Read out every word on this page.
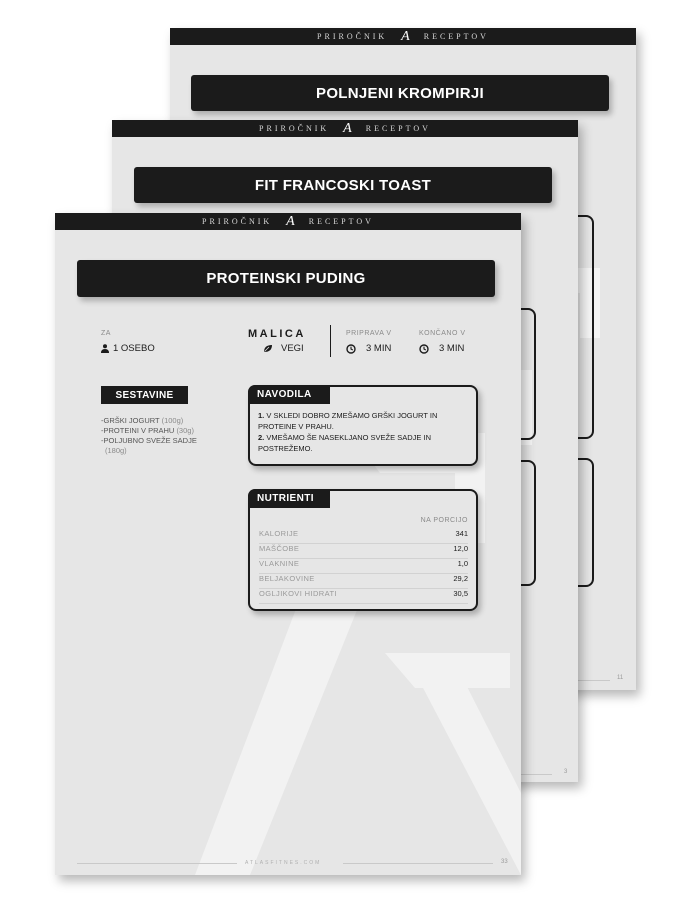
PRIROČNIK A RECEPTOV
POLNJENI KROMPIRJI
11
PRIROČNIK A RECEPTOV
FIT FRANCOSKI TOAST
3
PRIROČNIK A RECEPTOV
PROTEINSKI PUDING
ZA
1 OSEBO
MALICA
VEGI
PRIPRAVA V
3 MIN
KONČANO V
3 MIN
SESTAVINE
-GRŠKI JOGURT (100g)
-PROTEINI V PRAHU (30g)
-POLJUBNO SVEŽE SADJE
(180g)
NAVODILA
1. V SKLEDI DOBRO ZMEŠAMO GRŠKI JOGURT IN
PROTEINE V PRAHU.
2. VMEŠAMO ŠE NASEKLJANO SVEŽE SADJE IN
POSTREŽEMO.
NUTRIENTI
NA PORCIJO
KALORIJE	341
MAŠČOBE	12,0
VLAKNINE	1,0
BELJAKOVINE	29,2
OGLJIKOVI HIDRATI	30,5
ATLASFITNES.COM	33
